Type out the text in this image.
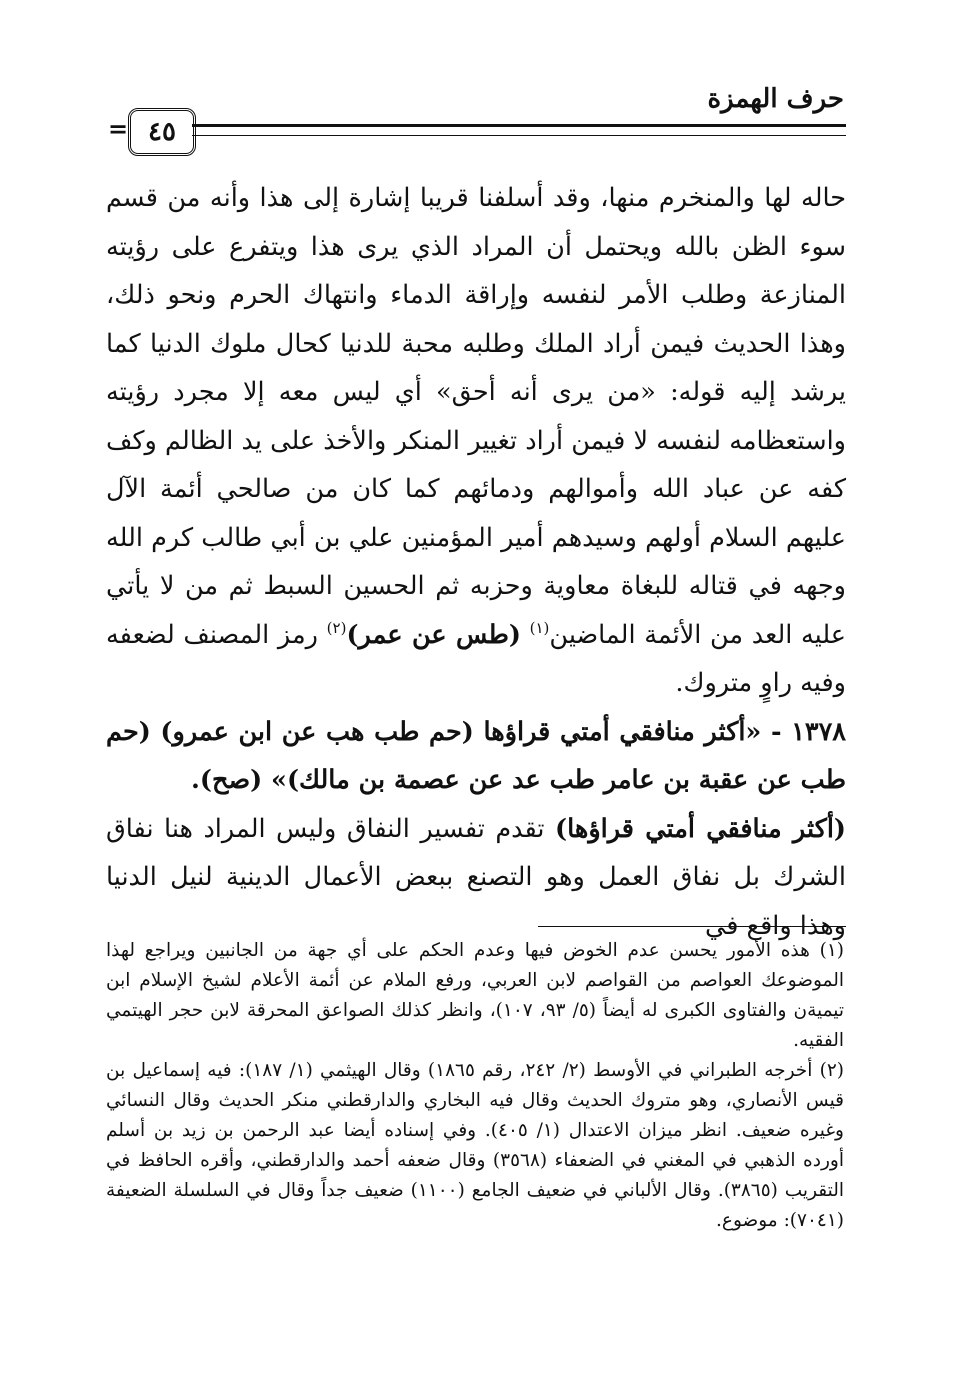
حرف الهمزة
٤٥
=

حاله لها والمنخرم منها، وقد أسلفنا قريبا إشارة إلى هذا وأنه من قسم سوء الظن بالله ويحتمل أن المراد الذي يرى هذا ويتفرع على رؤيته المنازعة وطلب الأمر لنفسه وإراقة الدماء وانتهاك الحرم ونحو ذلك، وهذا الحديث فيمن أراد الملك وطلبه محبة للدنيا كحال ملوك الدنيا كما يرشد إليه قوله: «من يرى أنه أحق» أي ليس معه إلا مجرد رؤيته واستعظامه لنفسه لا فيمن أراد تغيير المنكر والأخذ على يد الظالم وكف كفه عن عباد الله وأموالهم ودمائهم كما كان من صالحي أئمة الآل عليهم السلام أولهم وسيدهم أمير المؤمنين علي بن أبي طالب كرم الله وجهه في قتاله للبغاة معاوية وحزبه ثم الحسين السبط ثم من لا يأتي عليه العد من الأئمة الماضين$^{(١)}$ (طس عن عمر)$^{(٢)}$ رمز المصنف لضعفه وفيه راوٍ متروك.

١٣٧٨ - «أكثر منافقي أمتي قراؤها (حم طب هب عن ابن عمرو) (حم طب عن عقبة بن عامر طب عد عن عصمة بن مالك)» (صح).

(أكثر منافقي أمتي قراؤها) تقدم تفسير النفاق وليس المراد هنا نفاق الشرك بل نفاق العمل وهو التصنع ببعض الأعمال الدينية لنيل الدنيا وهذا واقع في

(١) هذه الأمور يحسن عدم الخوض فيها وعدم الحكم على أي جهة من الجانبين ويراجع لهذا الموضوعك العواصم من القواصم لابن العربي، ورفع الملام عن أئمة الأعلام لشيخ الإسلام ابن تيميةن والفتاوى الكبرى له أيضاً (٥/ ٩٣، ١٠٧)، وانظر كذلك الصواعق المحرقة لابن حجر الهيتمي الفقيه.

(٢) أخرجه الطبراني في الأوسط (٢/ ٢٤٢، رقم ١٨٦٥) وقال الهيثمي (١/ ١٨٧): فيه إسماعيل بن قيس الأنصاري، وهو متروك الحديث وقال فيه البخاري والدارقطني منكر الحديث وقال النسائي وغيره ضعيف. انظر ميزان الاعتدال (١/ ٤٠٥). وفي إسناده أيضا عبد الرحمن بن زيد بن أسلم أورده الذهبي في المغني في الضعفاء (٣٥٦٨) وقال ضعفه أحمد والدارقطني، وأقره الحافظ في التقريب (٣٨٦٥). وقال الألباني في ضعيف الجامع (١١٠٠) ضعيف جداً وقال في السلسلة الضعيفة (٧٠٤١): موضوع.
